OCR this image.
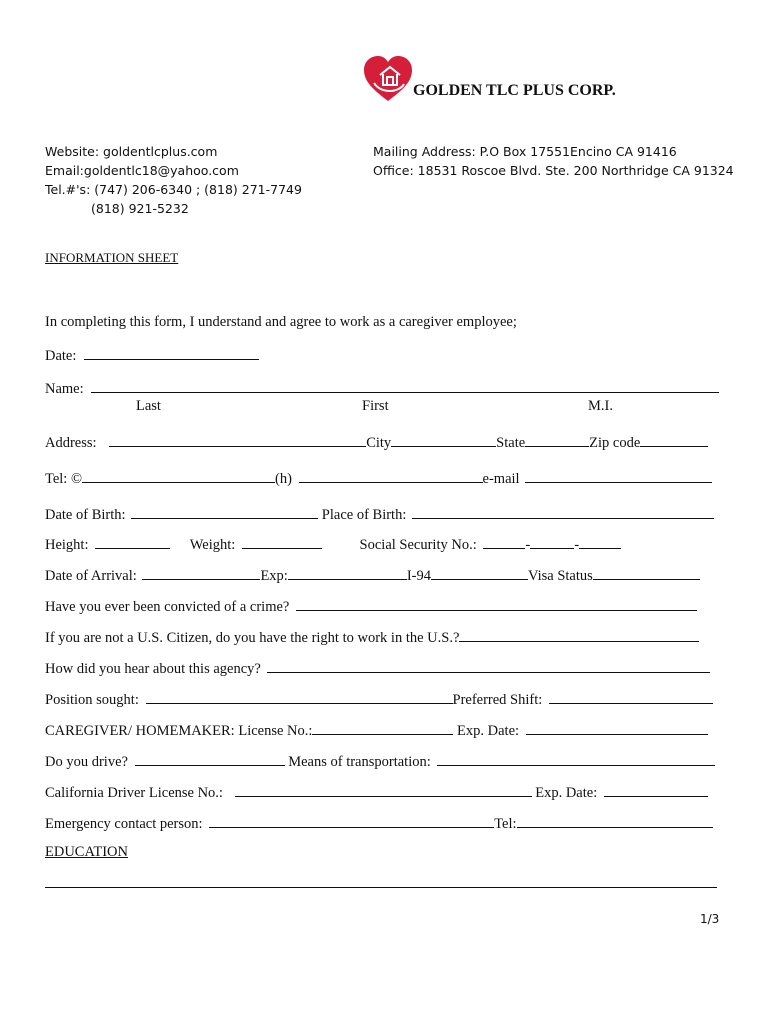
GOLDEN TLC PLUS CORP.
Website: goldentlcplus.com
Email:goldentlc18@yahoo.com
Tel.#'s: (747) 206-6340 ; (818) 271-7749
(818) 921-5232
Mailing Address: P.O Box 17551Encino CA 91416
Office: 18531 Roscoe Blvd. Ste. 200 Northridge CA 91324
INFORMATION SHEET
In completing this form, I understand and agree to work as a caregiver employee;
Date:
Name:
Last	First	M.I.
Address:	City	State	Zip code
Tel: ©	(h)	e-mail
Date of Birth:	Place of Birth:
Height:	Weight:	Social Security No.:	-	-
Date of Arrival:	Exp:	I-94	Visa Status
Have you ever been convicted of a crime?
If you are not a U.S. Citizen, do you have the right to work in the U.S.?
How did you hear about this agency?
Position sought:	Preferred Shift:
CAREGIVER/ HOMEMAKER: License No.:	Exp. Date:
Do you drive?	Means of transportation:
California Driver License No.:	Exp. Date:
Emergency contact person:	Tel:
EDUCATION
1/3
